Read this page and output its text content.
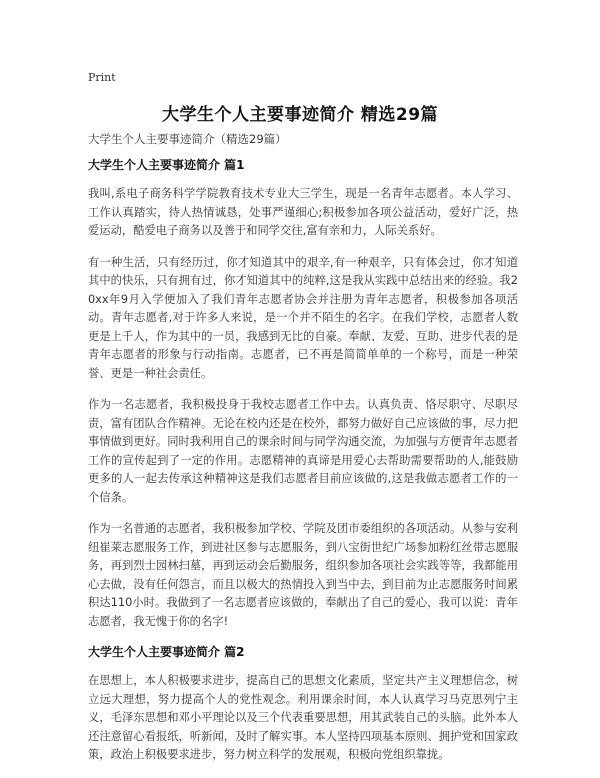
Print
大学生个人主要事迹简介 精选29篇
大学生个人主要事迹简介（精选29篇）
大学生个人主要事迹简介 篇1

我叫,系电子商务科学学院教育技术专业大三学生，现是一名青年志愿者。本人学习、工作认真踏实，待人热情诚恳，处事严谨细心;积极参加各项公益活动，爱好广泛，热爱运动，酷爱电子商务以及善于和同学交往,富有亲和力，人际关系好。

有一种生活，只有经历过，你才知道其中的艰辛,有一种艰辛，只有体会过，你才知道其中的快乐，只有拥有过，你才知道其中的纯粹,这是我从实践中总结出来的经验。我20xx年9月入学便加入了我们青年志愿者协会并注册为青年志愿者，积极参加各项活动。青年志愿者,对于许多人来说，是一个并不陌生的名字。在我们学校，志愿者人数更是上千人，作为其中的一员，我感到无比的自豪。奉献、友爱、互助、进步代表的是青年志愿者的形象与行动指南。志愿者，已不再是简简单单的一个称号，而是一种荣誉、更是一种社会责任。

作为一名志愿者，我积极投身于我校志愿者工作中去。认真负责、恪尽职守、尽职尽责，富有团队合作精神。无论在校内还是在校外，都努力做好自己应该做的事，尽力把事情做到更好。同时我利用自己的课余时间与同学沟通交流，为加强与方便青年志愿者工作的宣传起到了一定的作用。志愿精神的真谛是用爱心去帮助需要帮助的人,能鼓励更多的人一起去传承这种精神这是我们志愿者目前应该做的,这是我做志愿者工作的一个信条。

作为一名普通的志愿者，我积极参加学校、学院及团市委组织的各项活动。从参与安利纽崔莱志愿服务工作，到进社区参与志愿服务，到八宝街世纪广场参加粉红丝带志愿服务，再到烈士园林扫墓，再到运动会后勤服务，组织参加各项社会实践等等，我都能用心去做，没有任何怨言，而且以极大的热情投入到当中去，到目前为止志愿服务时间累积达110小时。我做到了一名志愿者应该做的，奉献出了自己的爱心，我可以说：青年志愿者，我无愧于你的名字!

大学生个人主要事迹简介 篇2

在思想上，本人积极要求进步，提高自己的思想文化素质，坚定共产主义理想信念，树立远大理想，努力提高个人的党性观念。利用课余时间，本人认真学习马克思列宁主义，毛泽东思想和邓小平理论以及三个代表重要思想，用其武装自己的头脑。此外本人还注意留心看报纸，听新闻，及时了解实事。本人坚持四项基本原则、拥护党和国家政策，政治上积极要求进步，努力树立科学的发展观，积极向党组织靠拢。
